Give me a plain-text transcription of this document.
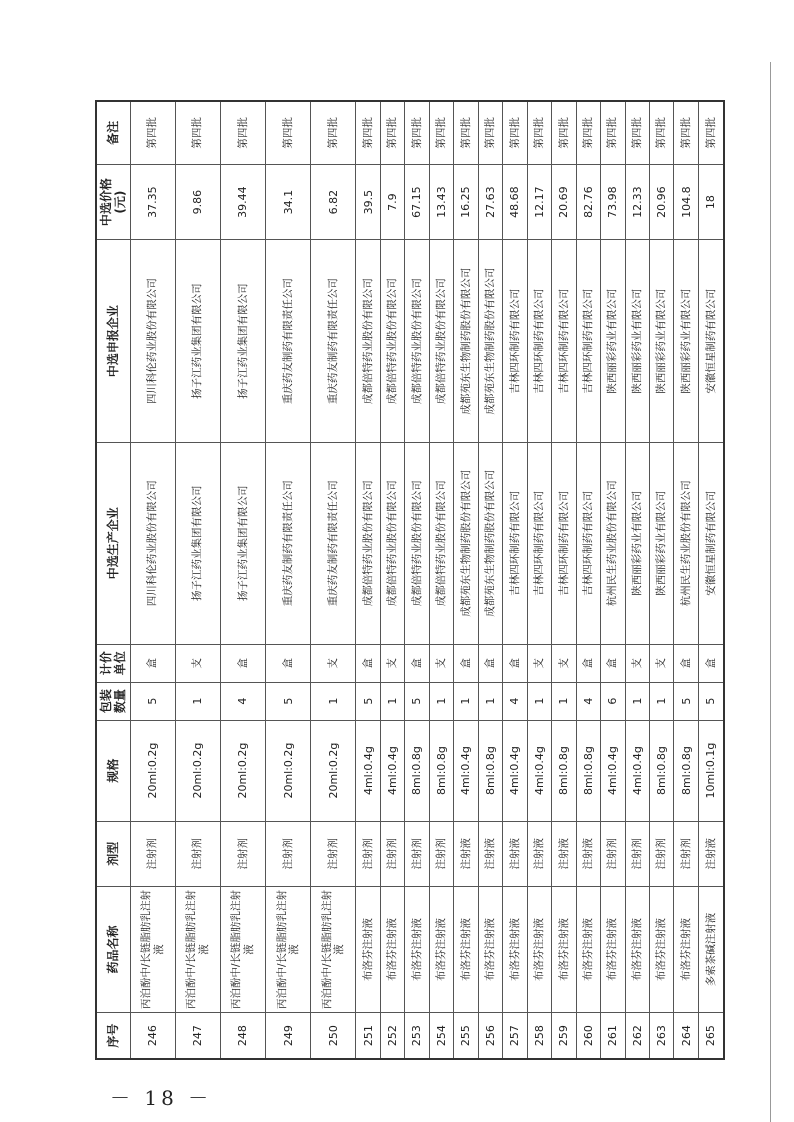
序号	药品名称	剂型	规格	包装数量	计价单位	中选生产企业	中选申报企业	中选价格(元)	备注
246	丙泊酚中/长链脂肪乳注射液	注射剂	20ml:0.2g	5	盒	四川科伦药业股份有限公司	四川科伦药业股份有限公司	37.35	第四批
247	丙泊酚中/长链脂肪乳注射液	注射剂	20ml:0.2g	1	支	扬子江药业集团有限公司	扬子江药业集团有限公司	9.86	第四批
248	丙泊酚中/长链脂肪乳注射液	注射剂	20ml:0.2g	4	盒	扬子江药业集团有限公司	扬子江药业集团有限公司	39.44	第四批
249	丙泊酚中/长链脂肪乳注射液	注射剂	20ml:0.2g	5	盒	重庆药友制药有限责任公司	重庆药友制药有限责任公司	34.1	第四批
250	丙泊酚中/长链脂肪乳注射液	注射剂	20ml:0.2g	1	支	重庆药友制药有限责任公司	重庆药友制药有限责任公司	6.82	第四批
251	布洛芬注射液	注射剂	4ml:0.4g	5	盒	成都倍特药业股份有限公司	成都倍特药业股份有限公司	39.5	第四批
252	布洛芬注射液	注射剂	4ml:0.4g	1	支	成都倍特药业股份有限公司	成都倍特药业股份有限公司	7.9	第四批
253	布洛芬注射液	注射剂	8ml:0.8g	5	盒	成都倍特药业股份有限公司	成都倍特药业股份有限公司	67.15	第四批
254	布洛芬注射液	注射剂	8ml:0.8g	1	支	成都倍特药业股份有限公司	成都倍特药业股份有限公司	13.43	第四批
255	布洛芬注射液	注射液	4ml:0.4g	1	盒	成都苑东生物制药股份有限公司	成都苑东生物制药股份有限公司	16.25	第四批
256	布洛芬注射液	注射液	8ml:0.8g	1	盒	成都苑东生物制药股份有限公司	成都苑东生物制药股份有限公司	27.63	第四批
257	布洛芬注射液	注射液	4ml:0.4g	4	盒	吉林四环制药有限公司	吉林四环制药有限公司	48.68	第四批
258	布洛芬注射液	注射液	4ml:0.4g	1	支	吉林四环制药有限公司	吉林四环制药有限公司	12.17	第四批
259	布洛芬注射液	注射液	8ml:0.8g	1	支	吉林四环制药有限公司	吉林四环制药有限公司	20.69	第四批
260	布洛芬注射液	注射液	8ml:0.8g	4	盒	吉林四环制药有限公司	吉林四环制药有限公司	82.76	第四批
261	布洛芬注射液	注射剂	4ml:0.4g	6	盒	杭州民生药业股份有限公司	陕西丽彩药业有限公司	73.98	第四批
262	布洛芬注射液	注射剂	4ml:0.4g	1	支	陕西丽彩药业有限公司	陕西丽彩药业有限公司	12.33	第四批
263	布洛芬注射液	注射剂	8ml:0.8g	1	支	陕西丽彩药业有限公司	陕西丽彩药业有限公司	20.96	第四批
264	布洛芬注射液	注射剂	8ml:0.8g	5	盒	杭州民生药业股份有限公司	陕西丽彩药业有限公司	104.8	第四批
265	多索茶碱注射液	注射液	10ml:0.1g	5	盒	安徽恒星制药有限公司	安徽恒星制药有限公司	18	第四批
－ 18 －
